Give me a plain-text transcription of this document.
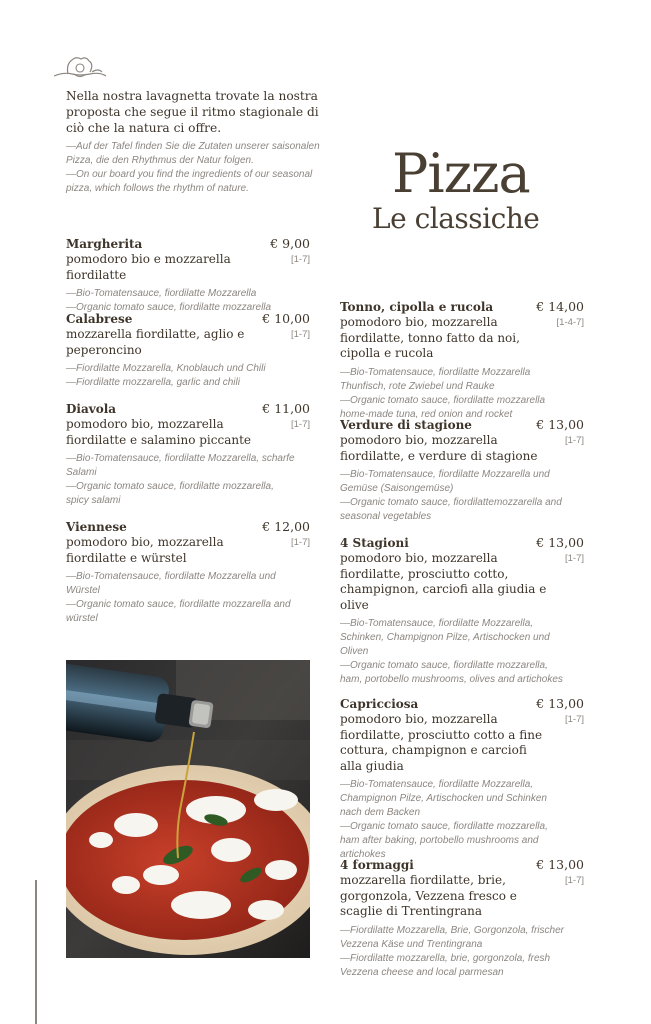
Nella nostra lavagnetta trovate la nostra proposta che segue il ritmo stagionale di ciò che la natura ci offre.
—Auf der Tafel finden Sie die Zutaten unserer saisonalen Pizza, die den Rhythmus der Natur folgen.
—On our board you find the ingredients of our seasonal pizza, which follows the rhythm of nature.	Pizza
Le classiche
Margherita	€ 9,00
pomodoro bio e mozzarella fiordilatte
[1-7]
—Bio-Tomatensauce, fiordilatte Mozzarella
—Organic tomato sauce, fiordilatte mozzarella
Calabrese	€ 10,00
mozzarella fiordilatte, aglio e peperoncino
[1-7]
—Fiordilatte Mozzarella, Knoblauch und Chili
—Fiordilatte mozzarella, garlic and chili
Diavola	€ 11,00
pomodoro bio, mozzarella fiordilatte e salamino piccante
[1-7]
—Bio-Tomatensauce, fiordilatte Mozzarella, scharfe Salami
—Organic tomato sauce, fiordilatte mozzarella, spicy salami
Viennese	€ 12,00
pomodoro bio, mozzarella fiordilatte e würstel
[1-7]
—Bio-Tomatensauce, fiordilatte Mozzarella und Würstel
—Organic tomato sauce, fiordilatte mozzarella and würstel
Tonno, cipolla e rucola	€ 14,00
pomodoro bio, mozzarella fiordilatte, tonno fatto da noi, cipolla e rucola
[1-4-7]
—Bio-Tomatensauce, fiordilatte Mozzarella Thunfisch, rote Zwiebel und Rauke
—Organic tomato sauce, fiordilatte mozzarella home-made tuna, red onion and rocket
Verdure di stagione	€ 13,00
pomodoro bio, mozzarella fiordilatte, e verdure di stagione
[1-7]
—Bio-Tomatensauce, fiordilatte Mozzarella und Gemüse (Saisongemüse)
—Organic tomato sauce, fiordilattemozzarella and seasonal vegetables
4 Stagioni	€ 13,00
pomodoro bio, mozzarella fiordilatte, prosciutto cotto, champignon, carciofi alla giudia e olive
[1-7]
—Bio-Tomatensauce, fiordilatte Mozzarella, Schinken, Champignon Pilze, Artischocken und Oliven
—Organic tomato sauce, fiordilatte mozzarella, ham, portobello mushrooms, olives and artichokes
Capricciosa	€ 13,00
pomodoro bio, mozzarella fiordilatte, prosciutto cotto a fine cottura, champignon e carciofi alla giudia
[1-7]
—Bio-Tomatensauce, fiordilatte Mozzarella, Champignon Pilze, Artischocken und Schinken nach dem Backen
—Organic tomato sauce, fiordilatte mozzarella, ham after baking, portobello mushrooms and artichokes
4 formaggi	€ 13,00
mozzarella fiordilatte, brie, gorgonzola, Vezzena fresco e scaglie di Trentingrana
[1-7]
—Fiordilatte Mozzarella, Brie, Gorgonzola, frischer Vezzena Käse und Trentingrana
—Fiordilatte mozzarella, brie, gorgonzola, fresh Vezzena cheese and local parmesan
